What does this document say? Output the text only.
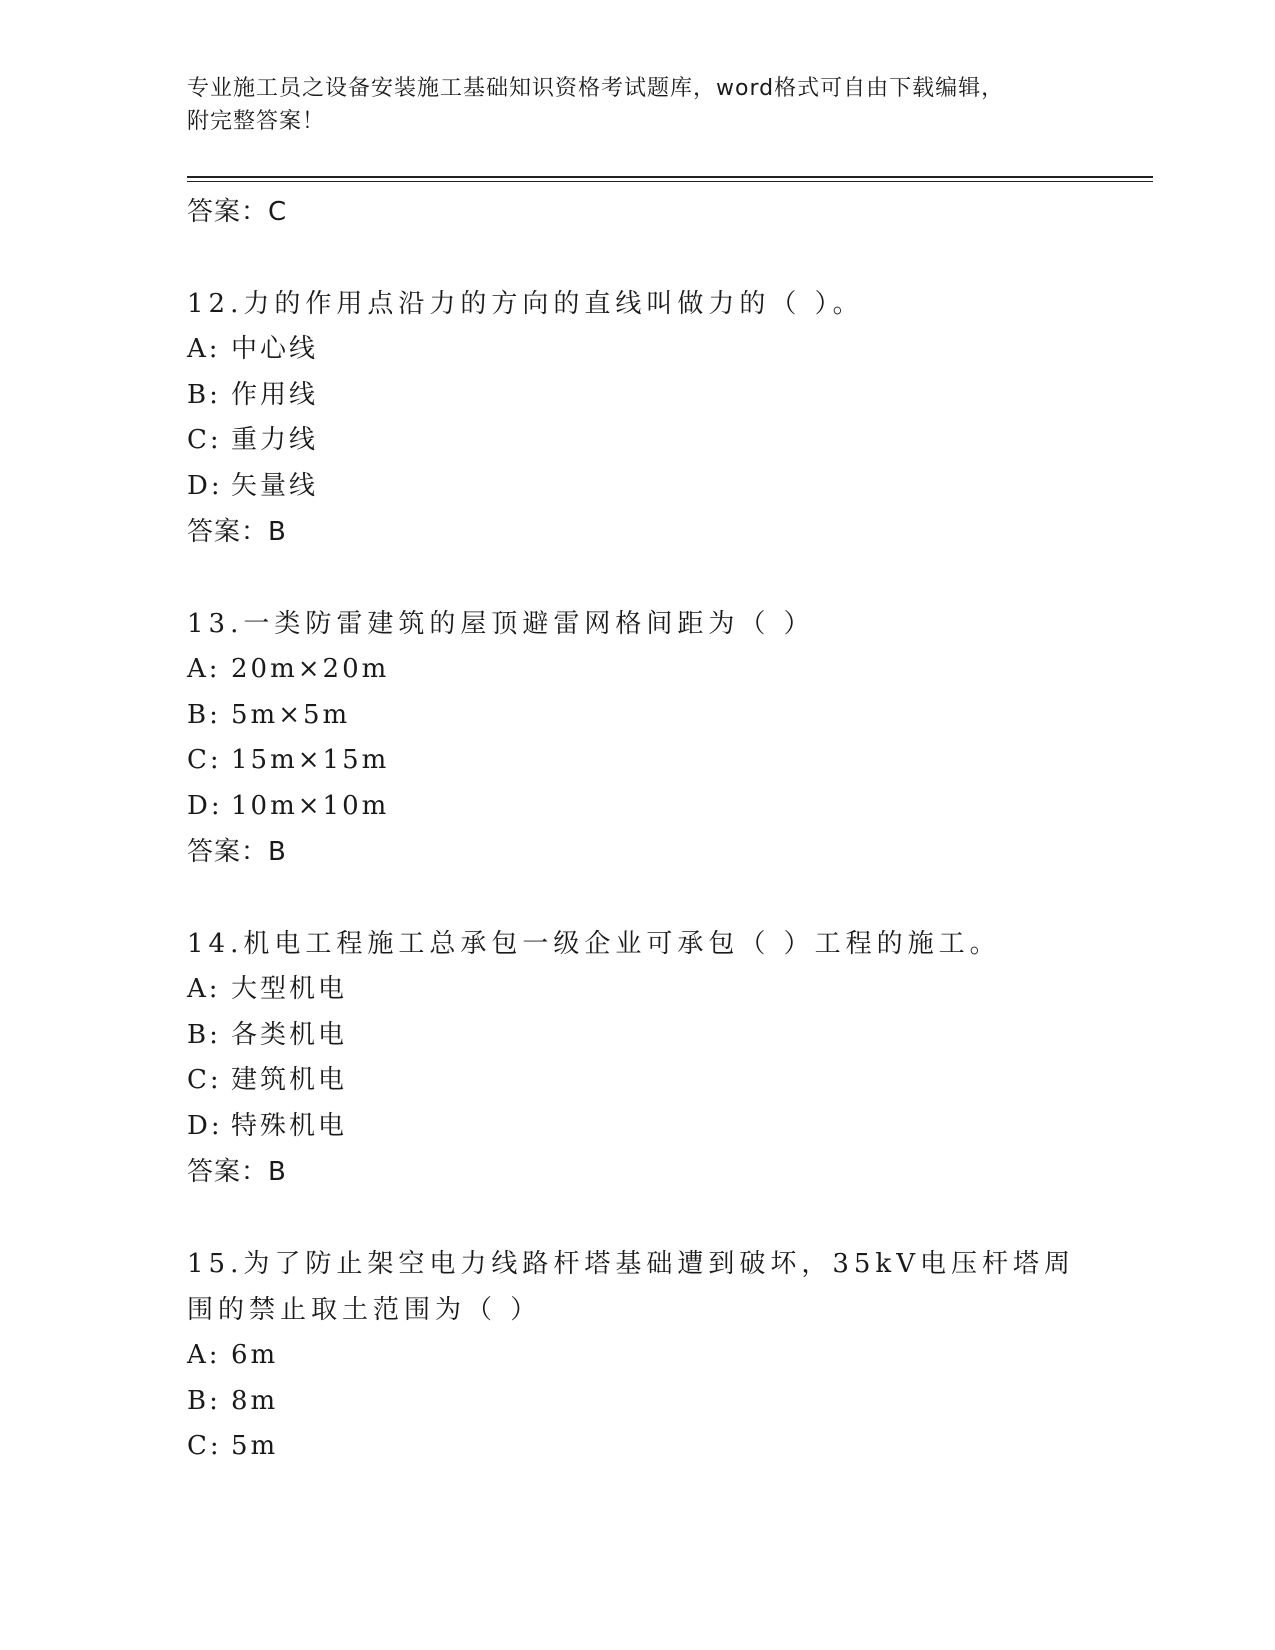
专业施工员之设备安装施工基础知识资格考试题库，word格式可自由下载编辑，
附完整答案！
答案：C
12.力的作用点沿力的方向的直线叫做力的（ ）。
A: 中心线
B: 作用线
C: 重力线
D: 矢量线
答案：B
13.一类防雷建筑的屋顶避雷网格间距为（ ）
A: 20m×20m
B: 5m×5m
C: 15m×15m
D: 10m×10m
答案：B
14.机电工程施工总承包一级企业可承包（ ）工程的施工。
A: 大型机电
B: 各类机电
C: 建筑机电
D: 特殊机电
答案：B
15.为了防止架空电力线路杆塔基础遭到破坏，35kV电压杆塔周围的禁止取土范围为（ ）
A: 6m
B: 8m
C: 5m
